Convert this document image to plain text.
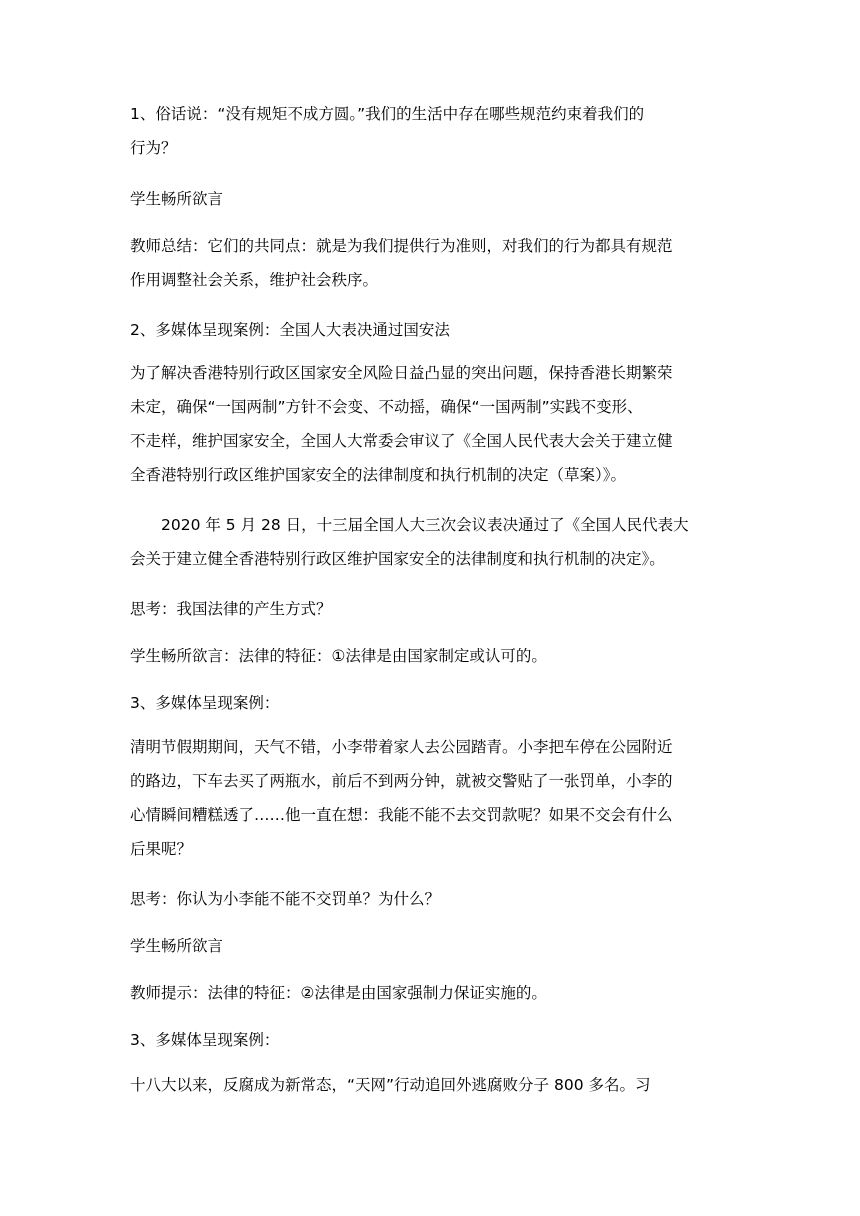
1、俗话说：“没有规矩不成方圆。”我们的生活中存在哪些规范约束着我们的
行为？
学生畅所欲言
教师总结：它们的共同点：就是为我们提供行为准则，对我们的行为都具有规范
作用调整社会关系，维护社会秩序。
2、多媒体呈现案例：全国人大表决通过国安法
为了解决香港特别行政区国家安全风险日益凸显的突出问题，保持香港长期繁荣
未定，确保“一国两制”方针不会变、不动摇，确保“一国两制”实践不变形、
不走样，维护国家安全，全国人大常委会审议了《全国人民代表大会关于建立健
全香港特别行政区维护国家安全的法律制度和执行机制的决定（草案）》。
　　2020 年 5 月 28 日，十三届全国人大三次会议表决通过了《全国人民代表大
会关于建立健全香港特别行政区维护国家安全的法律制度和执行机制的决定》。
思考：我国法律的产生方式？
学生畅所欲言：法律的特征：①法律是由国家制定或认可的。
3、多媒体呈现案例：
清明节假期期间，天气不错，小李带着家人去公园踏青。小李把车停在公园附近
的路边，下车去买了两瓶水，前后不到两分钟，就被交警贴了一张罚单，小李的
心情瞬间糟糕透了……他一直在想：我能不能不去交罚款呢？如果不交会有什么
后果呢？
思考：你认为小李能不能不交罚单？为什么？
学生畅所欲言
教师提示：法律的特征：②法律是由国家强制力保证实施的。
3、多媒体呈现案例：
十八大以来，反腐成为新常态，“天网”行动追回外逃腐败分子 800 多名。习
